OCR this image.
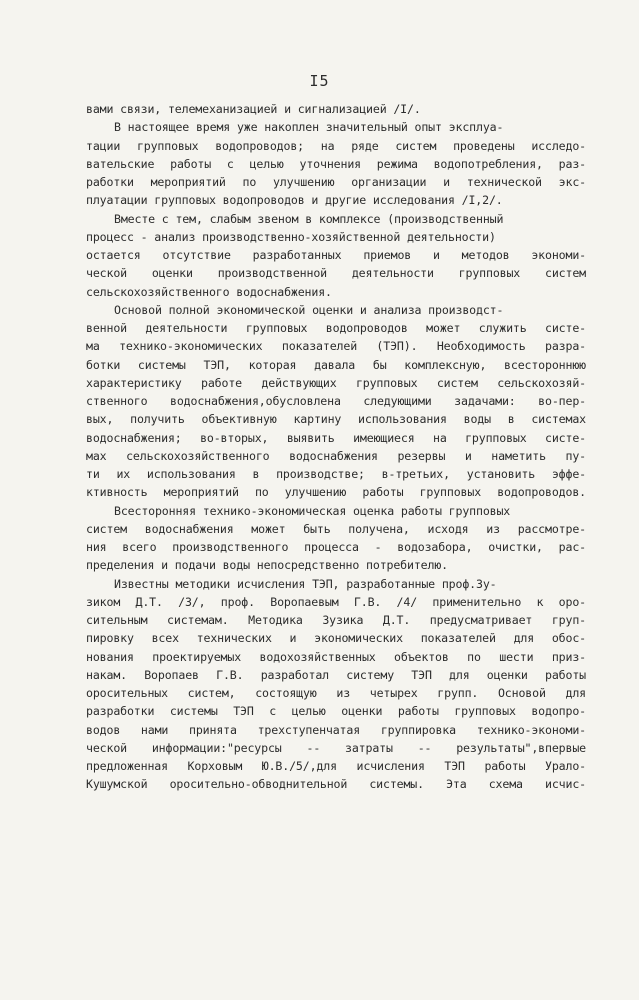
I5
вами связи, телемеханизацией и сигнализацией /I/.
В настоящее время уже накоплен значительный опыт эксплуа-
тации групповых водопроводов; на ряде систем проведены исследо-
вательские работы с целью уточнения режима водопотребления, раз-
работки мероприятий по улучшению организации и технической экс-
плуатации групповых водопроводов и другие исследования /I,2/.
Вместе с тем, слабым звеном в комплексе (производственный
процесс - анализ производственно-хозяйственной деятельности)
остается отсутствие разработанных приемов и методов экономи-
ческой оценки производственной деятельности групповых систем
сельскохозяйственного водоснабжения.
Основой полной экономической оценки и анализа производст-
венной деятельности групповых водопроводов может служить систе-
ма технико-экономических показателей (ТЭП). Необходимость разра-
ботки системы ТЭП, которая давала бы комплексную, всестороннюю
характеристику работе действующих групповых систем сельскохозяй-
ственного водоснабжения,обусловлена следующими задачами: во-пер-
вых, получить объективную картину использования воды в системах
водоснабжения; во-вторых, выявить имеющиеся на групповых систе-
мах сельскохозяйственного водоснабжения резервы и наметить пу-
ти их использования в производстве; в-третьих, установить эффе-
ктивность мероприятий по улучшению работы групповых водопроводов.
Всесторонняя технико-экономическая оценка работы групповых
систем водоснабжения может быть получена, исходя из рассмотре-
ния всего производственного процесса - водозабора, очистки, рас-
пределения и подачи воды непосредственно потребителю.
Известны методики исчисления ТЭП, разработанные проф.Зу-
зиком Д.Т. /3/, проф. Воропаевым Г.В. /4/ применительно к оро-
сительным системам. Методика Зузика Д.Т. предусматривает груп-
пировку всех технических и экономических показателей для обос-
нования проектируемых водохозяйственных объектов по шести приз-
накам. Воропаев Г.В. разработал систему ТЭП для оценки работы
оросительных систем, состоящую из четырех групп. Основой для
разработки системы ТЭП с целью оценки работы групповых водопро-
водов нами принята трехступенчатая группировка технико-экономи-
ческой информации:"ресурсы -- затраты -- результаты",впервые
предложенная Корховым Ю.В./5/,для исчисления ТЭП работы Урало-
Кушумской оросительно-обводнительной системы. Эта схема исчис-
